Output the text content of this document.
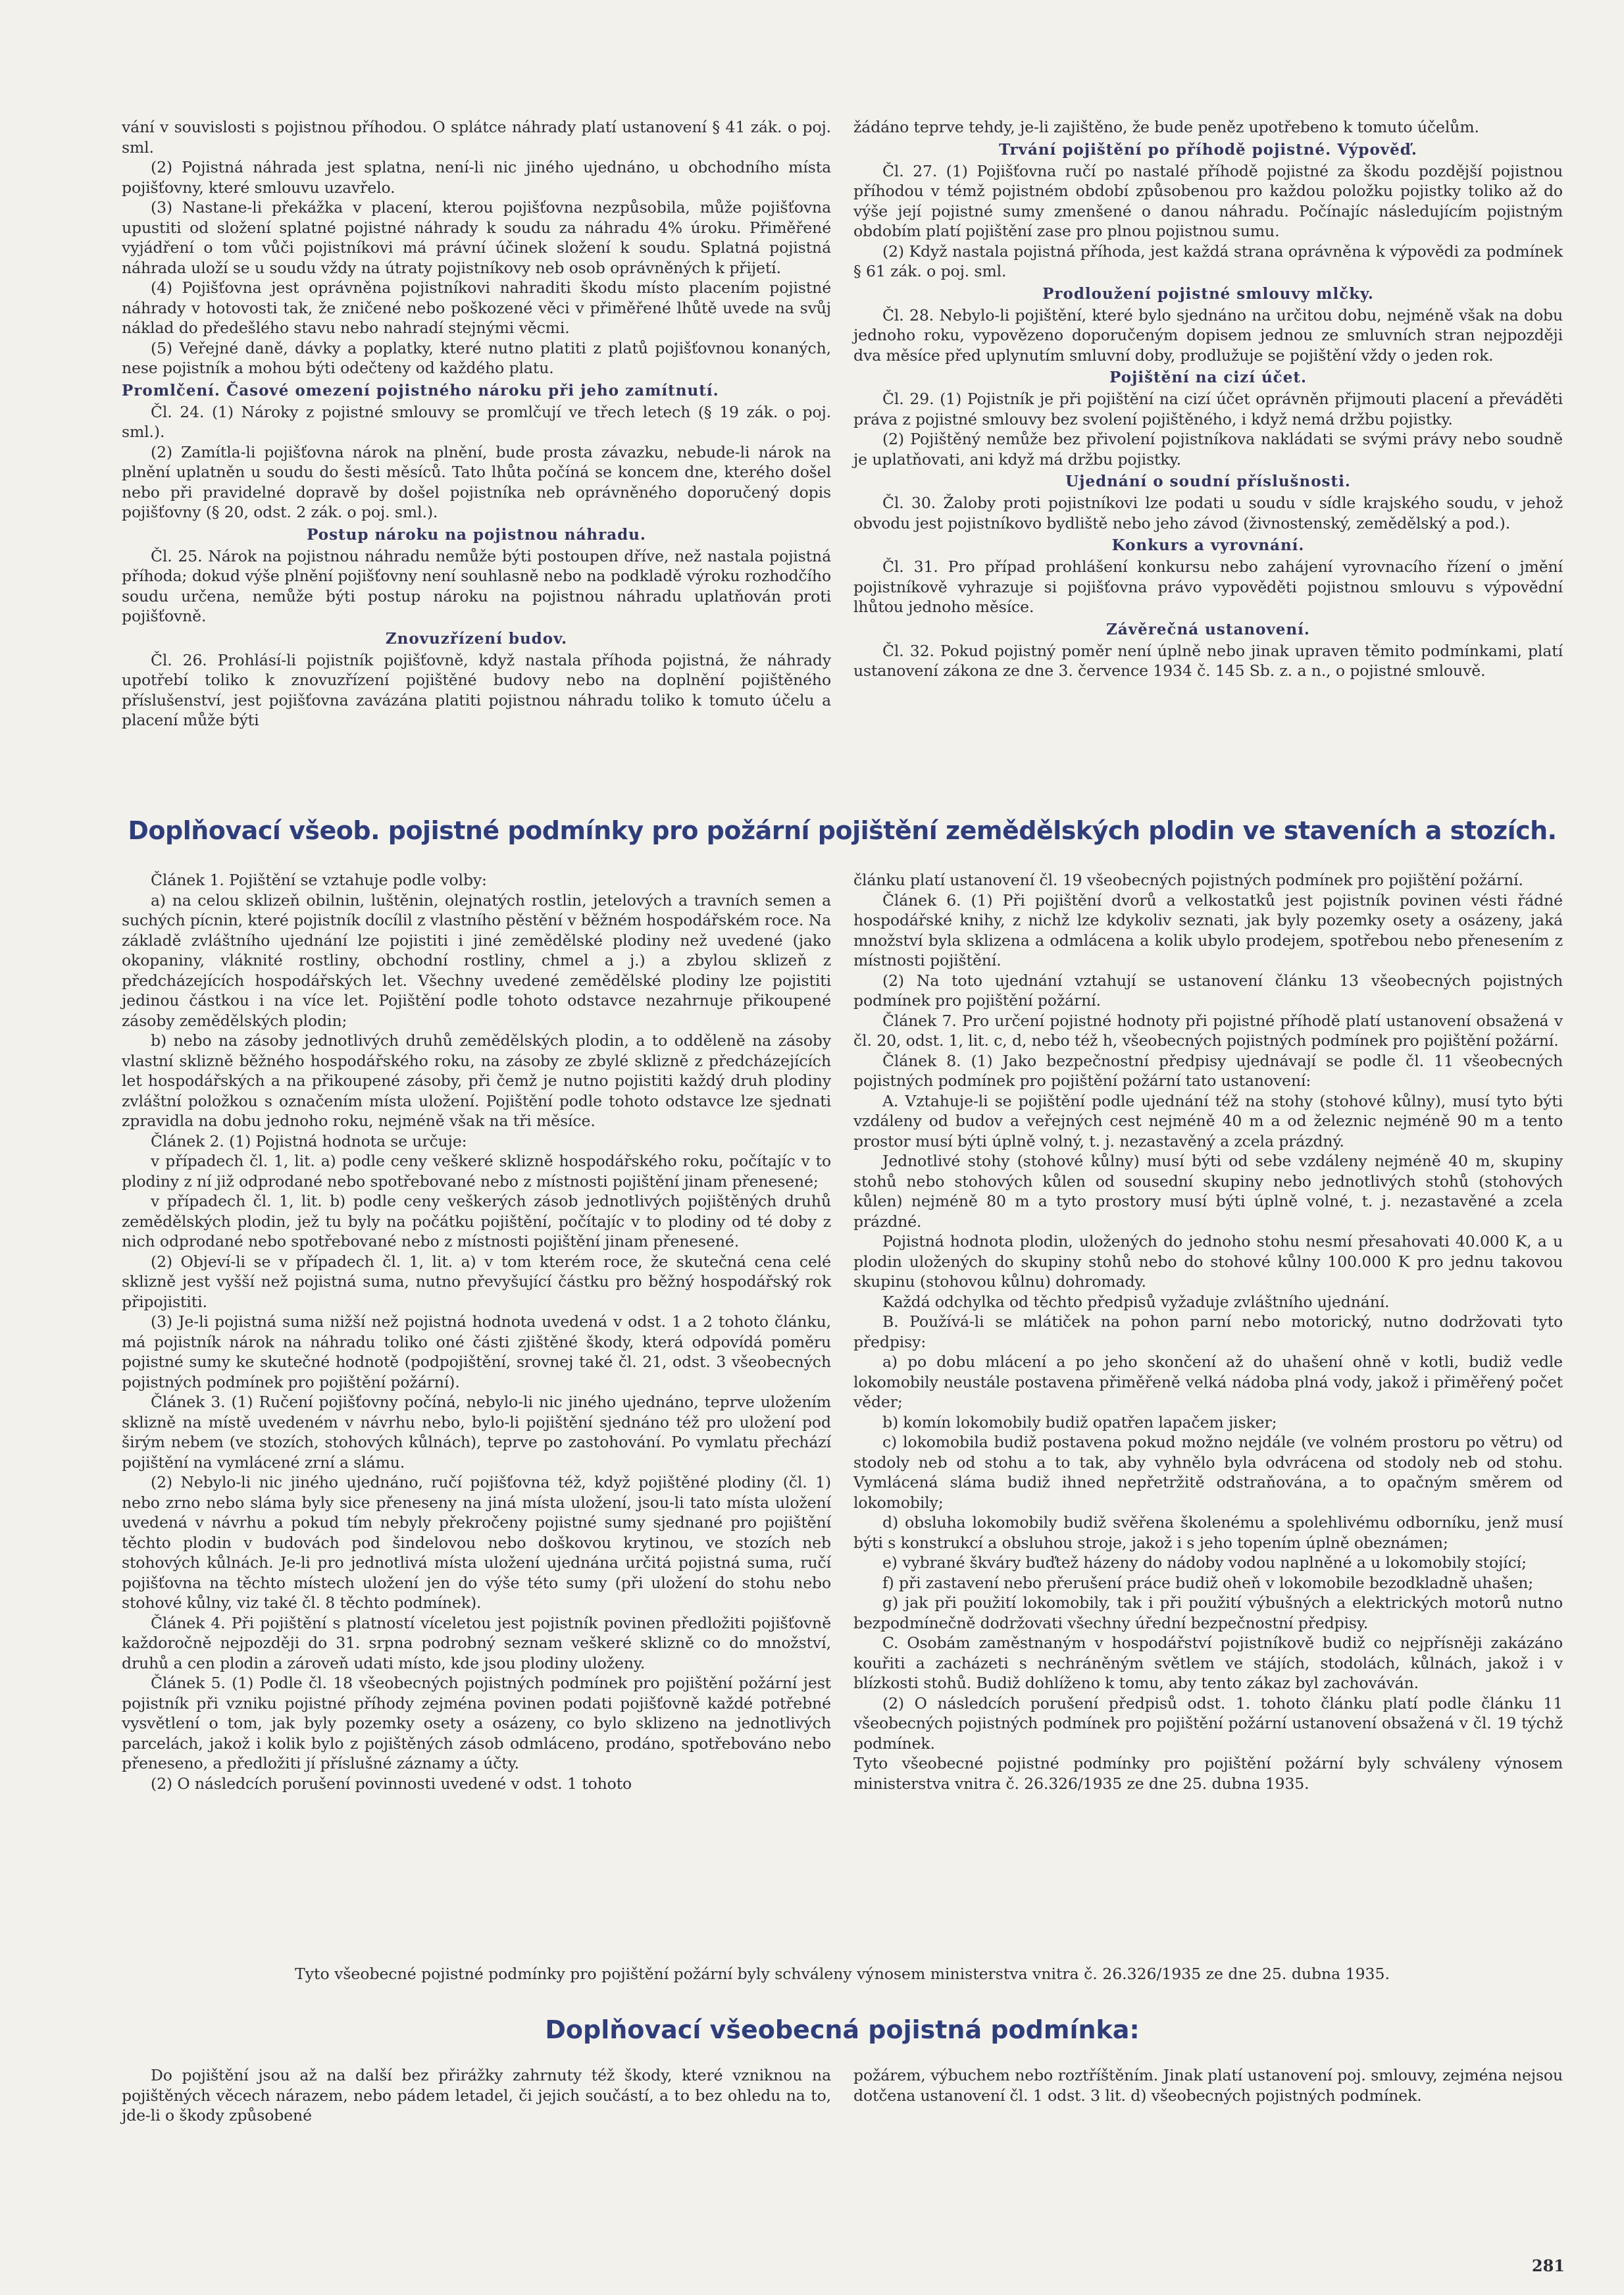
vání v souvislosti s pojistnou příhodou. O splátce náhrady platí ustanovení § 41 zák. o poj. sml.

(2) Pojistná náhrada jest splatna, není-li nic jiného ujednáno, u obchodního místa pojišťovny, které smlouvu uzavřelo.

(3) Nastane-li překážka v placení, kterou pojišťovna nezpůsobila, může pojišťovna upustiti od složení splatné pojistné náhrady k soudu za náhradu 4% úroku. Přiměřené vyjádření o tom vůči pojistníkovi má právní účinek složení k soudu. Splatná pojistná náhrada uloží se u soudu vždy na útraty pojistníkovy neb osob oprávněných k přijetí.

(4) Pojišťovna jest oprávněna pojistníkovi nahraditi škodu místo placením pojistné náhrady v hotovosti tak, že zničené nebo poškozené věci v přiměřené lhůtě uvede na svůj náklad do předešlého stavu nebo nahradí stejnými věcmi.

(5) Veřejné daně, dávky a poplatky, které nutno platiti z platů pojišťovnou konaných, nese pojistník a mohou býti odečteny od každého platu.

Promlčení. Časové omezení pojistného nároku při jeho zamítnutí.

Čl. 24. (1) Nároky z pojistné smlouvy se promlčují ve třech letech (§ 19 zák. o poj. sml.).

(2) Zamítla-li pojišťovna nárok na plnění, bude prosta závazku, nebude-li nárok na plnění uplatněn u soudu do šesti měsíců. Tato lhůta počíná se koncem dne, kterého došel nebo při pravidelné dopravě by došel pojistníka neb oprávněného doporučený dopis pojišťovny (§ 20, odst. 2 zák. o poj. sml.).

Postup nároku na pojistnou náhradu.

Čl. 25. Nárok na pojistnou náhradu nemůže býti postoupen dříve, než nastala pojistná příhoda; dokud výše plnění pojišťovny není souhlasně nebo na podkladě výroku rozhodčího soudu určena, nemůže býti postup nároku na pojistnou náhradu uplatňován proti pojišťovně.

Znovuzřízení budov.

Čl. 26. Prohlásí-li pojistník pojišťovně, když nastala příhoda pojistná, že náhrady upotřebí toliko k znovuzřízení pojištěné budovy nebo na doplnění pojištěného příslušenství, jest pojišťovna zavázána platiti pojistnou náhradu toliko k tomuto účelu a placení může býti

žádáno teprve tehdy, je-li zajištěno, že bude peněz upotřebeno k tomuto účelům.

Trvání pojištění po příhodě pojistné. Výpověď.

Čl. 27. (1) Pojišťovna ručí po nastalé příhodě pojistné za škodu pozdější pojistnou příhodou v témž pojistném období způsobenou pro každou položku pojistky toliko až do výše její pojistné sumy zmenšené o danou náhradu. Počínajíc následujícím pojistným obdobím platí pojištění zase pro plnou pojistnou sumu.

(2) Když nastala pojistná příhoda, jest každá strana oprávněna k výpovědi za podmínek § 61 zák. o poj. sml.

Prodloužení pojistné smlouvy mlčky.

Čl. 28. Nebylo-li pojištění, které bylo sjednáno na určitou dobu, nejméně však na dobu jednoho roku, vypovězeno doporučeným dopisem jednou ze smluvních stran nejpozději dva měsíce před uplynutím smluvní doby, prodlužuje se pojištění vždy o jeden rok.

Pojištění na cizí účet.

Čl. 29. (1) Pojistník je při pojištění na cizí účet oprávněn přijmouti placení a převáděti práva z pojistné smlouvy bez svolení pojištěného, i když nemá držbu pojistky.

(2) Pojištěný nemůže bez přivolení pojistníkova nakládati se svými právy nebo soudně je uplatňovati, ani když má držbu pojistky.

Ujednání o soudní příslušnosti.

Čl. 30. Žaloby proti pojistníkovi lze podati u soudu v sídle krajského soudu, v jehož obvodu jest pojistníkovo bydliště nebo jeho závod (živnostenský, zemědělský a pod.).

Konkurs a vyrovnání.

Čl. 31. Pro případ prohlášení konkursu nebo zahájení vyrovnacího řízení o jmění pojistníkově vyhrazuje si pojišťovna právo vypověděti pojistnou smlouvu s výpovědní lhůtou jednoho měsíce.

Závěrečná ustanovení.

Čl. 32. Pokud pojistný poměr není úplně nebo jinak upraven těmito podmínkami, platí ustanovení zákona ze dne 3. července 1934 č. 145 Sb. z. a n., o pojistné smlouvě.

Doplňovací všeob. pojistné podmínky pro požární pojištění zemědělských plodin ve staveních a stozích.

Článek 1. Pojištění se vztahuje podle volby:

a) na celou sklizeň obilnin, luštěnin, olejnatých rostlin, jetelových a travních semen a suchých pícnin, které pojistník docílil z vlastního pěstění v běžném hospodářském roce. Na základě zvláštního ujednání lze pojistiti i jiné zemědělské plodiny než uvedené (jako okopaniny, vláknité rostliny, obchodní rostliny, chmel a j.) a zbylou sklizeň z předcházejících hospodářských let. Všechny uvedené zemědělské plodiny lze pojistiti jedinou částkou i na více let. Pojištění podle tohoto odstavce nezahrnuje přikoupené zásoby zemědělských plodin;

b) nebo na zásoby jednotlivých druhů zemědělských plodin, a to odděleně na zásoby vlastní sklizně běžného hospodářského roku, na zásoby ze zbylé sklizně z předcházejících let hospodářských a na přikoupené zásoby, při čemž je nutno pojistiti každý druh plodiny zvláštní položkou s označením místa uložení. Pojištění podle tohoto odstavce lze sjednati zpravidla na dobu jednoho roku, nejméně však na tři měsíce.

Článek 2. (1) Pojistná hodnota se určuje:

v případech čl. 1, lit. a) podle ceny veškeré sklizně hospodářského roku, počítajíc v to plodiny z ní již odprodané nebo spotřebované nebo z místnosti pojištění jinam přenesené;

v případech čl. 1, lit. b) podle ceny veškerých zásob jednotlivých pojištěných druhů zemědělských plodin, jež tu byly na počátku pojištění, počítajíc v to plodiny od té doby z nich odprodané nebo spotřebované nebo z místnosti pojištění jinam přenesené.

(2) Objeví-li se v případech čl. 1, lit. a) v tom kterém roce, že skutečná cena celé sklizně jest vyšší než pojistná suma, nutno převyšující částku pro běžný hospodářský rok připojistiti.

(3) Je-li pojistná suma nižší než pojistná hodnota uvedená v odst. 1 a 2 tohoto článku, má pojistník nárok na náhradu toliko oné části zjištěné škody, která odpovídá poměru pojistné sumy ke skutečné hodnotě (podpojištění, srovnej také čl. 21, odst. 3 všeobecných pojistných podmínek pro pojištění požární).

Článek 3. (1) Ručení pojišťovny počíná, nebylo-li nic jiného ujednáno, teprve uložením sklizně na místě uvedeném v návrhu nebo, bylo-li pojištění sjednáno též pro uložení pod širým nebem (ve stozích, stohových kůlnách), teprve po zastohování. Po vymlatu přechází pojištění na vymlácené zrní a slámu.

(2) Nebylo-li nic jiného ujednáno, ručí pojišťovna též, když pojištěné plodiny (čl. 1) nebo zrno nebo sláma byly sice přeneseny na jiná místa uložení, jsou-li tato místa uložení uvedená v návrhu a pokud tím nebyly překročeny pojistné sumy sjednané pro pojištění těchto plodin v budovách pod šindelovou nebo doškovou krytinou, ve stozích neb stohových kůlnách. Je-li pro jednotlivá místa uložení ujednána určitá pojistná suma, ručí pojišťovna na těchto místech uložení jen do výše této sumy (při uložení do stohu nebo stohové kůlny, viz také čl. 8 těchto podmínek).

Článek 4. Při pojištění s platností víceletou jest pojistník povinen předložiti pojišťovně každoročně nejpozději do 31. srpna podrobný seznam veškeré sklizně co do množství, druhů a cen plodin a zároveň udati místo, kde jsou plodiny uloženy.

Článek 5. (1) Podle čl. 18 všeobecných pojistných podmínek pro pojištění požární jest pojistník při vzniku pojistné příhody zejména povinen podati pojišťovně každé potřebné vysvětlení o tom, jak byly pozemky osety a osázeny, co bylo sklizeno na jednotlivých parcelách, jakož i kolik bylo z pojištěných zásob odmláceno, prodáno, spotřebováno nebo přeneseno, a předložiti jí příslušné záznamy a účty.

(2) O následcích porušení povinnosti uvedené v odst. 1 tohoto

článku platí ustanovení čl. 19 všeobecných pojistných podmínek pro pojištění požární.

Článek 6. (1) Při pojištění dvorů a velkostatků jest pojistník povinen vésti řádné hospodářské knihy, z nichž lze kdykoliv seznati, jak byly pozemky osety a osázeny, jaká množství byla sklizena a odmlácena a kolik ubylo prodejem, spotřebou nebo přenesením z místnosti pojištění.

(2) Na toto ujednání vztahují se ustanovení článku 13 všeobecných pojistných podmínek pro pojištění požární.

Článek 7. Pro určení pojistné hodnoty při pojistné příhodě platí ustanovení obsažená v čl. 20, odst. 1, lit. c, d, nebo též h, všeobecných pojistných podmínek pro pojištění požární.

Článek 8. (1) Jako bezpečnostní předpisy ujednávají se podle čl. 11 všeobecných pojistných podmínek pro pojištění požární tato ustanovení:

A. Vztahuje-li se pojištění podle ujednání též na stohy (stohové kůlny), musí tyto býti vzdáleny od budov a veřejných cest nejméně 40 m a od železnic nejméně 90 m a tento prostor musí býti úplně volný, t. j. nezastavěný a zcela prázdný.

Jednotlivé stohy (stohové kůlny) musí býti od sebe vzdáleny nejméně 40 m, skupiny stohů nebo stohových kůlen od sousední skupiny nebo jednotlivých stohů (stohových kůlen) nejméně 80 m a tyto prostory musí býti úplně volné, t. j. nezastavěné a zcela prázdné.

Pojistná hodnota plodin, uložených do jednoho stohu nesmí přesahovati 40.000 K, a u plodin uložených do skupiny stohů nebo do stohové kůlny 100.000 K pro jednu takovou skupinu (stohovou kůlnu) dohromady.

Každá odchylka od těchto předpisů vyžaduje zvláštního ujednání.

B. Používá-li se mlátiček na pohon parní nebo motorický, nutno dodržovati tyto předpisy:

a) po dobu mlácení a po jeho skončení až do uhašení ohně v kotli, budiž vedle lokomobily neustále postavena přiměřeně velká nádoba plná vody, jakož i přiměřený počet věder;

b) komín lokomobily budiž opatřen lapačem jisker;

c) lokomobila budiž postavena pokud možno nejdále (ve volném prostoru po větru) od stodoly neb od stohu a to tak, aby vyhnělo byla odvrácena od stodoly neb od stohu. Vymlácená sláma budiž ihned nepřetržitě odstraňována, a to opačným směrem od lokomobily;

d) obsluha lokomobily budiž svěřena školenému a spolehlivému odborníku, jenž musí býti s konstrukcí a obsluhou stroje, jakož i s jeho topením úplně obeznámen;

e) vybrané škváry buďtež házeny do nádoby vodou naplněné a u lokomobily stojící;

f) při zastavení nebo přerušení práce budiž oheň v lokomobile bezodkladně uhašen;

g) jak při použití lokomobily, tak i při použití výbušných a elektrických motorů nutno bezpodmínečně dodržovati všechny úřední bezpečnostní předpisy.

C. Osobám zaměstnaným v hospodářství pojistníkově budiž co nejpřísněji zakázáno kouřiti a zacházeti s nechráněným světlem ve stájích, stodolách, kůlnách, jakož i v blízkosti stohů. Budiž dohlíženo k tomu, aby tento zákaz byl zachováván.

(2) O následcích porušení předpisů odst. 1. tohoto článku platí podle článku 11 všeobecných pojistných podmínek pro pojištění požární ustanovení obsažená v čl. 19 týchž podmínek.

Tyto všeobecné pojistné podmínky pro pojištění požární byly schváleny výnosem ministerstva vnitra č. 26.326/1935 ze dne 25. dubna 1935.

Tyto všeobecné pojistné podmínky pro pojištění požární byly schváleny výnosem ministerstva vnitra č. 26.326/1935 ze dne 25. dubna 1935.
Doplňovací všeobecná pojistná podmínka:

Do pojištění jsou až na další bez přirážky zahrnuty též škody, které vzniknou na pojištěných věcech nárazem, nebo pádem letadel, či jejich součástí, a to bez ohledu na to, jde-li o škody způsobené

požárem, výbuchem nebo roztříštěním. Jinak platí ustanovení poj. smlouvy, zejména nejsou dotčena ustanovení čl. 1 odst. 3 lit. d) všeobecných pojistných podmínek.

281
